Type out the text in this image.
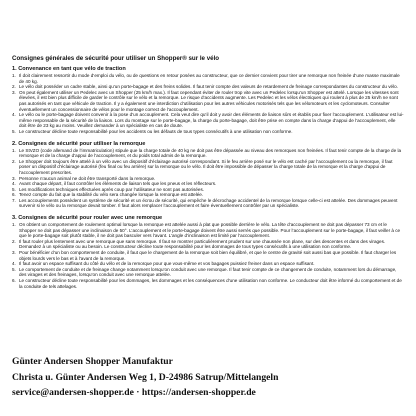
Consignes générales de sécurité pour utiliser un Shopper® sur le vélo
1. Convenance en tant que vélo de traction
1. Il doit clairement ressortir du mode d’emploi du vélo, ou de questions en retour posées au constructeur, que ce dernier convient pour tirer une remorque non freinée d’une masse maximale de 40 kg.
2. Le vélo doit posséder un cadre stable, ainsi qu’un porte-bagage et des freins solides. Il faut tenir compte des valeurs de retardement de freinage correspondantes du constructeur du vélo.
3. On peut également utiliser un Pedelec avec un Shopper (25 km/h max.). Il faut cependant éviter de rouler trop vite avec un Pedelec lorsqu’un Shopper est attelé. Lorsque les vitesses sont élevées, il est bien plus difficile de garder le contrôle sur le vélo et la remorque. Le risque d’accidents augmente. Les Pedelec et les vélos électriques qui roulent à plus de 25 km/h ne sont pas autorisés en tant que véhicule de traction. Il y a également une interdiction d’utilisation pour les autres véhicules motorisés tels que les vélomoteurs et les cyclomoteurs. Consulter éventuellement un concessionnaire de vélos pour le montage correct de l’accouplement.
4. Le vélo ou le porte-bagage doivent convenir à la pose d’un accouplement. Cela veut dire qu’il doit y avoir des éléments de liaison sûrs et établis pour fixer l’accouplement. L’utilisateur est lui-même responsable de la sécurité de la liaison. Lors du montage sur le porte-bagage, la charge du porte-bagage, doit être prise en compte dans la charge d’appui de l’accouplement, elle doit être de 23 kg au moins. Veuillez demander à un spécialiste en cas de doute.
5. Le constructeur décline toute responsabilité pour les accidents ou les défauts de tous types consécutifs à une utilisation non conforme.
2. Consignes de sécurité pour utiliser la remorque
1. Le StVZO (code allemand de l’immatriculation) stipule que la charge totale de 40 kg ne doit pas être dépassée au niveau des remorques non freinées. Il faut tenir compte de la charge de la remorque et de la charge d’appui de l’accouplement, et du poids total admis de la remorque.
2. Le Shopper doit toujours être attelé à un vélo avec un dispositif d’éclairage autorisé correspondant. Si le feu arrière posé sur le vélo est caché par l’accouplement ou la remorque, il faut poser un dispositif d’éclairage autorisé (feu final ou feu arrière) sur la remorque ou le vélo. Il doit être impossible de dépasser la charge totale de la remorque et la charge d’appui de l’accouplement prescrites.
3. Personne n’aucun animal ne doit être transporté dans la remorque.
4. Avant chaque départ, il faut contrôler les éléments de liaison tels que les pneus et les réflecteurs.
5. Les modifications techniques effectuées après coup par l’utilisateur ne sont pas autorisées.
6. Tenez compte du fait que la stabilité du vélo sera changée lorsque la remorque est attelée.
7. Les accouplements possèdent un système de sécurité et un écrou de sécurité, qui empêche le décrochage accidentel de la remorque lorsque celle-ci est attelée. Des dommages peuvent survenir si le vélo ou la remorque devait tomber. Il faut alors remplacer l’accouplement et faire éventuellement contrôler par un spécialiste.
3. Consignes de sécurité pour rouler avec une remorque
1. On obtient un comportement de roulement optimal lorsque la remorque est attelée aussi à plat que possible derrière le vélo. La tête d’accouplement ne doit pas dépasser 73 cm et le Shopper ne doit pas dépasser une inclinaison de 50°. L’accouplement et le porte-bagage doivent être aussi serrés que possible. Pour l’accouplement sur le porte-bagage, il faut veiller à ce que le porte-bagage soit plutôt stable, il ne doit pas basculer vers l’avant. L’angle d’inclinaison est limité par l’accouplement.
2. Il faut rouler plus lentement avec une remorque que sans remorque. Il faut se montrer particulièrement prudent sur une chaussée non plane, sur des descentes et dans des virages. Demandez à un spécialiste ou au besoin. Le constructeur décline toute responsabilité pour les dommages de tous types consécutifs à une utilisation non conforme.
3. Pour bénéficier d’un bon comportement de conduite, il faut que le chargement de la remorque soit bien équilibré, et que le centre de gravité soit aussi bas que possible. Il faut charger les objets lourds vers le bas et à l’avant de la remorque.
4. Il faut avoir un espace suffisant du côté du vélo et de la remorque pour que vous-même et vos bagages puissiez freiner dans un espace suffisant.
5. Le comportement de conduite et de freinage change notamment lorsqu’on conduit avec une remorque. Il faut tenir compte de ce changement de conduite, notamment lors du démarrage, des virages et des freinages, lorsqu’on conduit avec une remorque attelée.
6. Le constructeur décline toute responsabilité pour les dommages, les dommages et les conséquences d’une utilisation non conforme. Le conducteur doit être informé du comportement et de la conduite de tels attelages.
Günter Andersen Shopper Manufaktur
Christa u. Günter Andersen Weg 1, D-24986 Satrup/Mittelangeln
service@andersen-shopper.de · https://andersen-shopper.de
